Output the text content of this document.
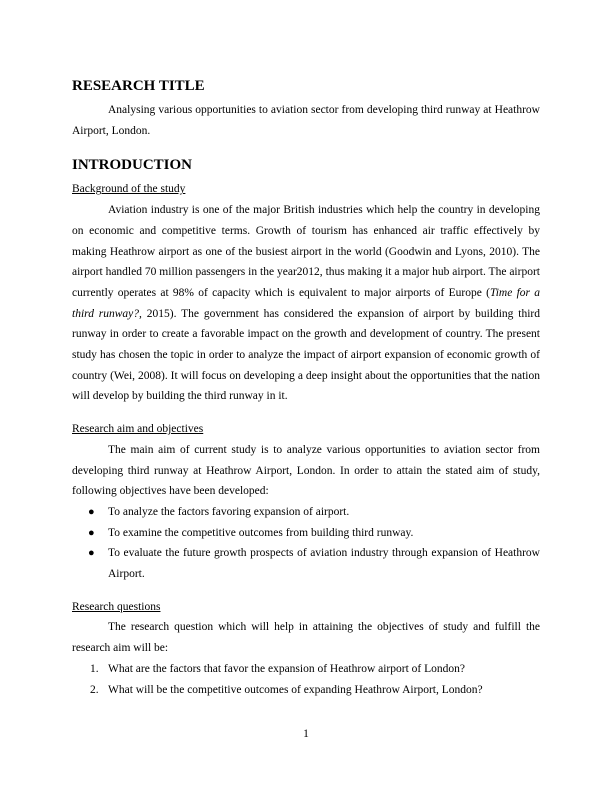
RESEARCH TITLE

Analysing various opportunities to aviation sector from developing third runway at Heathrow Airport, London.

INTRODUCTION
Background of the study

Aviation industry is one of the major British industries which help the country in developing on economic and competitive terms. Growth of tourism has enhanced air traffic effectively by making Heathrow airport as one of the busiest airport in the world (Goodwin and Lyons, 2010). The airport handled 70 million passengers in the year2012, thus making it a major hub airport. The airport currently operates at 98% of capacity which is equivalent to major airports of Europe (Time for a third runway?, 2015). The government has considered the expansion of airport by building third runway in order to create a favorable impact on the growth and development of country. The present study has chosen the topic in order to analyze the impact of airport expansion of economic growth of country (Wei, 2008). It will focus on developing a deep insight about the opportunities that the nation will develop by building the third runway in it.

Research aim and objectives

The main aim of current study is to analyze various opportunities to aviation sector from developing third runway at Heathrow Airport, London. In order to attain the stated aim of study, following objectives have been developed:

● To analyze the factors favoring expansion of airport.
● To examine the competitive outcomes from building third runway.
● To evaluate the future growth prospects of aviation industry through expansion of Heathrow Airport.
Research questions

The research question which will help in attaining the objectives of study and fulfill the research aim will be:

1. What are the factors that favor the expansion of Heathrow airport of London?
2. What will be the competitive outcomes of expanding Heathrow Airport, London?
1
